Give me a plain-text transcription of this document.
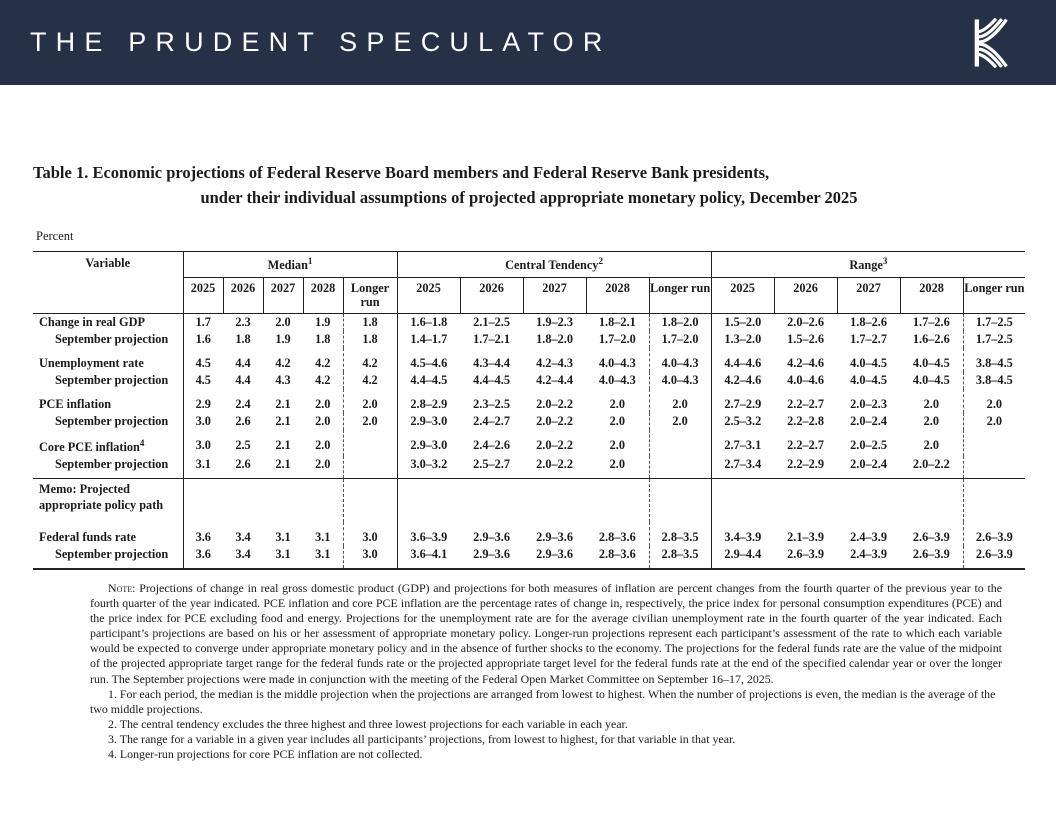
THE PRUDENT SPECULATOR
Table 1. Economic projections of Federal Reserve Board members and Federal Reserve Bank presidents,
under their individual assumptions of projected appropriate monetary policy, December 2025
Percent
Variable	Median$^1$					Central Tendency$^2$					Range$^3$
	2025	2026	2027	2028	Longer run	2025	2026	2027	2028	Longer run	2025	2026	2027	2028	Longer run
Change in real GDP	1.7	2.3	2.0	1.9	1.8	1.6–1.8	2.1–2.5	1.9–2.3	1.8–2.1	1.8–2.0	1.5–2.0	2.0–2.6	1.8–2.6	1.7–2.6	1.7–2.5
September projection	1.6	1.8	1.9	1.8	1.8	1.4–1.7	1.7–2.1	1.8–2.0	1.7–2.0	1.7–2.0	1.3–2.0	1.5–2.6	1.7–2.7	1.6–2.6	1.7–2.5
Unemployment rate	4.5	4.4	4.2	4.2	4.2	4.5–4.6	4.3–4.4	4.2–4.3	4.0–4.3	4.0–4.3	4.4–4.6	4.2–4.6	4.0–4.5	4.0–4.5	3.8–4.5
September projection	4.5	4.4	4.3	4.2	4.2	4.4–4.5	4.4–4.5	4.2–4.4	4.0–4.3	4.0–4.3	4.2–4.6	4.0–4.6	4.0–4.5	4.0–4.5	3.8–4.5
PCE inflation	2.9	2.4	2.1	2.0	2.0	2.8–2.9	2.3–2.5	2.0–2.2	2.0	2.0	2.7–2.9	2.2–2.7	2.0–2.3	2.0	2.0
September projection	3.0	2.6	2.1	2.0	2.0	2.9–3.0	2.4–2.7	2.0–2.2	2.0	2.0	2.5–3.2	2.2–2.8	2.0–2.4	2.0	2.0
Core PCE inflation$^4$	3.0	2.5	2.1	2.0		2.9–3.0	2.4–2.6	2.0–2.2	2.0		2.7–3.1	2.2–2.7	2.0–2.5	2.0	
September projection	3.1	2.6	2.1	2.0		3.0–3.2	2.5–2.7	2.0–2.2	2.0		2.7–3.4	2.2–2.9	2.0–2.4	2.0–2.2	

Memo: Projected
appropriate policy path															

Federal funds rate	3.6	3.4	3.1	3.1	3.0	3.6–3.9	2.9–3.6	2.9–3.6	2.8–3.6	2.8–3.5	3.4–3.9	2.1–3.9	2.4–3.9	2.6–3.9	2.6–3.9
September projection	3.6	3.4	3.1	3.1	3.0	3.6–4.1	2.9–3.6	2.9–3.6	2.8–3.6	2.8–3.5	2.9–4.4	2.6–3.9	2.4–3.9	2.6–3.9	2.6–3.9

Note: Projections of change in real gross domestic product (GDP) and projections for both measures of inflation are percent changes from the fourth quarter of the previous year to the fourth quarter of the year indicated. PCE inflation and core PCE inflation are the percentage rates of change in, respectively, the price index for personal consumption expenditures (PCE) and the price index for PCE excluding food and energy. Projections for the unemployment rate are for the average civilian unemployment rate in the fourth quarter of the year indicated. Each participant’s projections are based on his or her assessment of appropriate monetary policy. Longer-run projections represent each participant’s assessment of the rate to which each variable would be expected to converge under appropriate monetary policy and in the absence of further shocks to the economy. The projections for the federal funds rate are the value of the midpoint of the projected appropriate target range for the federal funds rate or the projected appropriate target level for the federal funds rate at the end of the specified calendar year or over the longer run. The September projections were made in conjunction with the meeting of the Federal Open Market Committee on September 16–17, 2025.

1. For each period, the median is the middle projection when the projections are arranged from lowest to highest. When the number of projections is even, the median is the average of the two middle projections.
2. The central tendency excludes the three highest and three lowest projections for each variable in each year.
3. The range for a variable in a given year includes all participants’ projections, from lowest to highest, for that variable in that year.
4. Longer-run projections for core PCE inflation are not collected.
